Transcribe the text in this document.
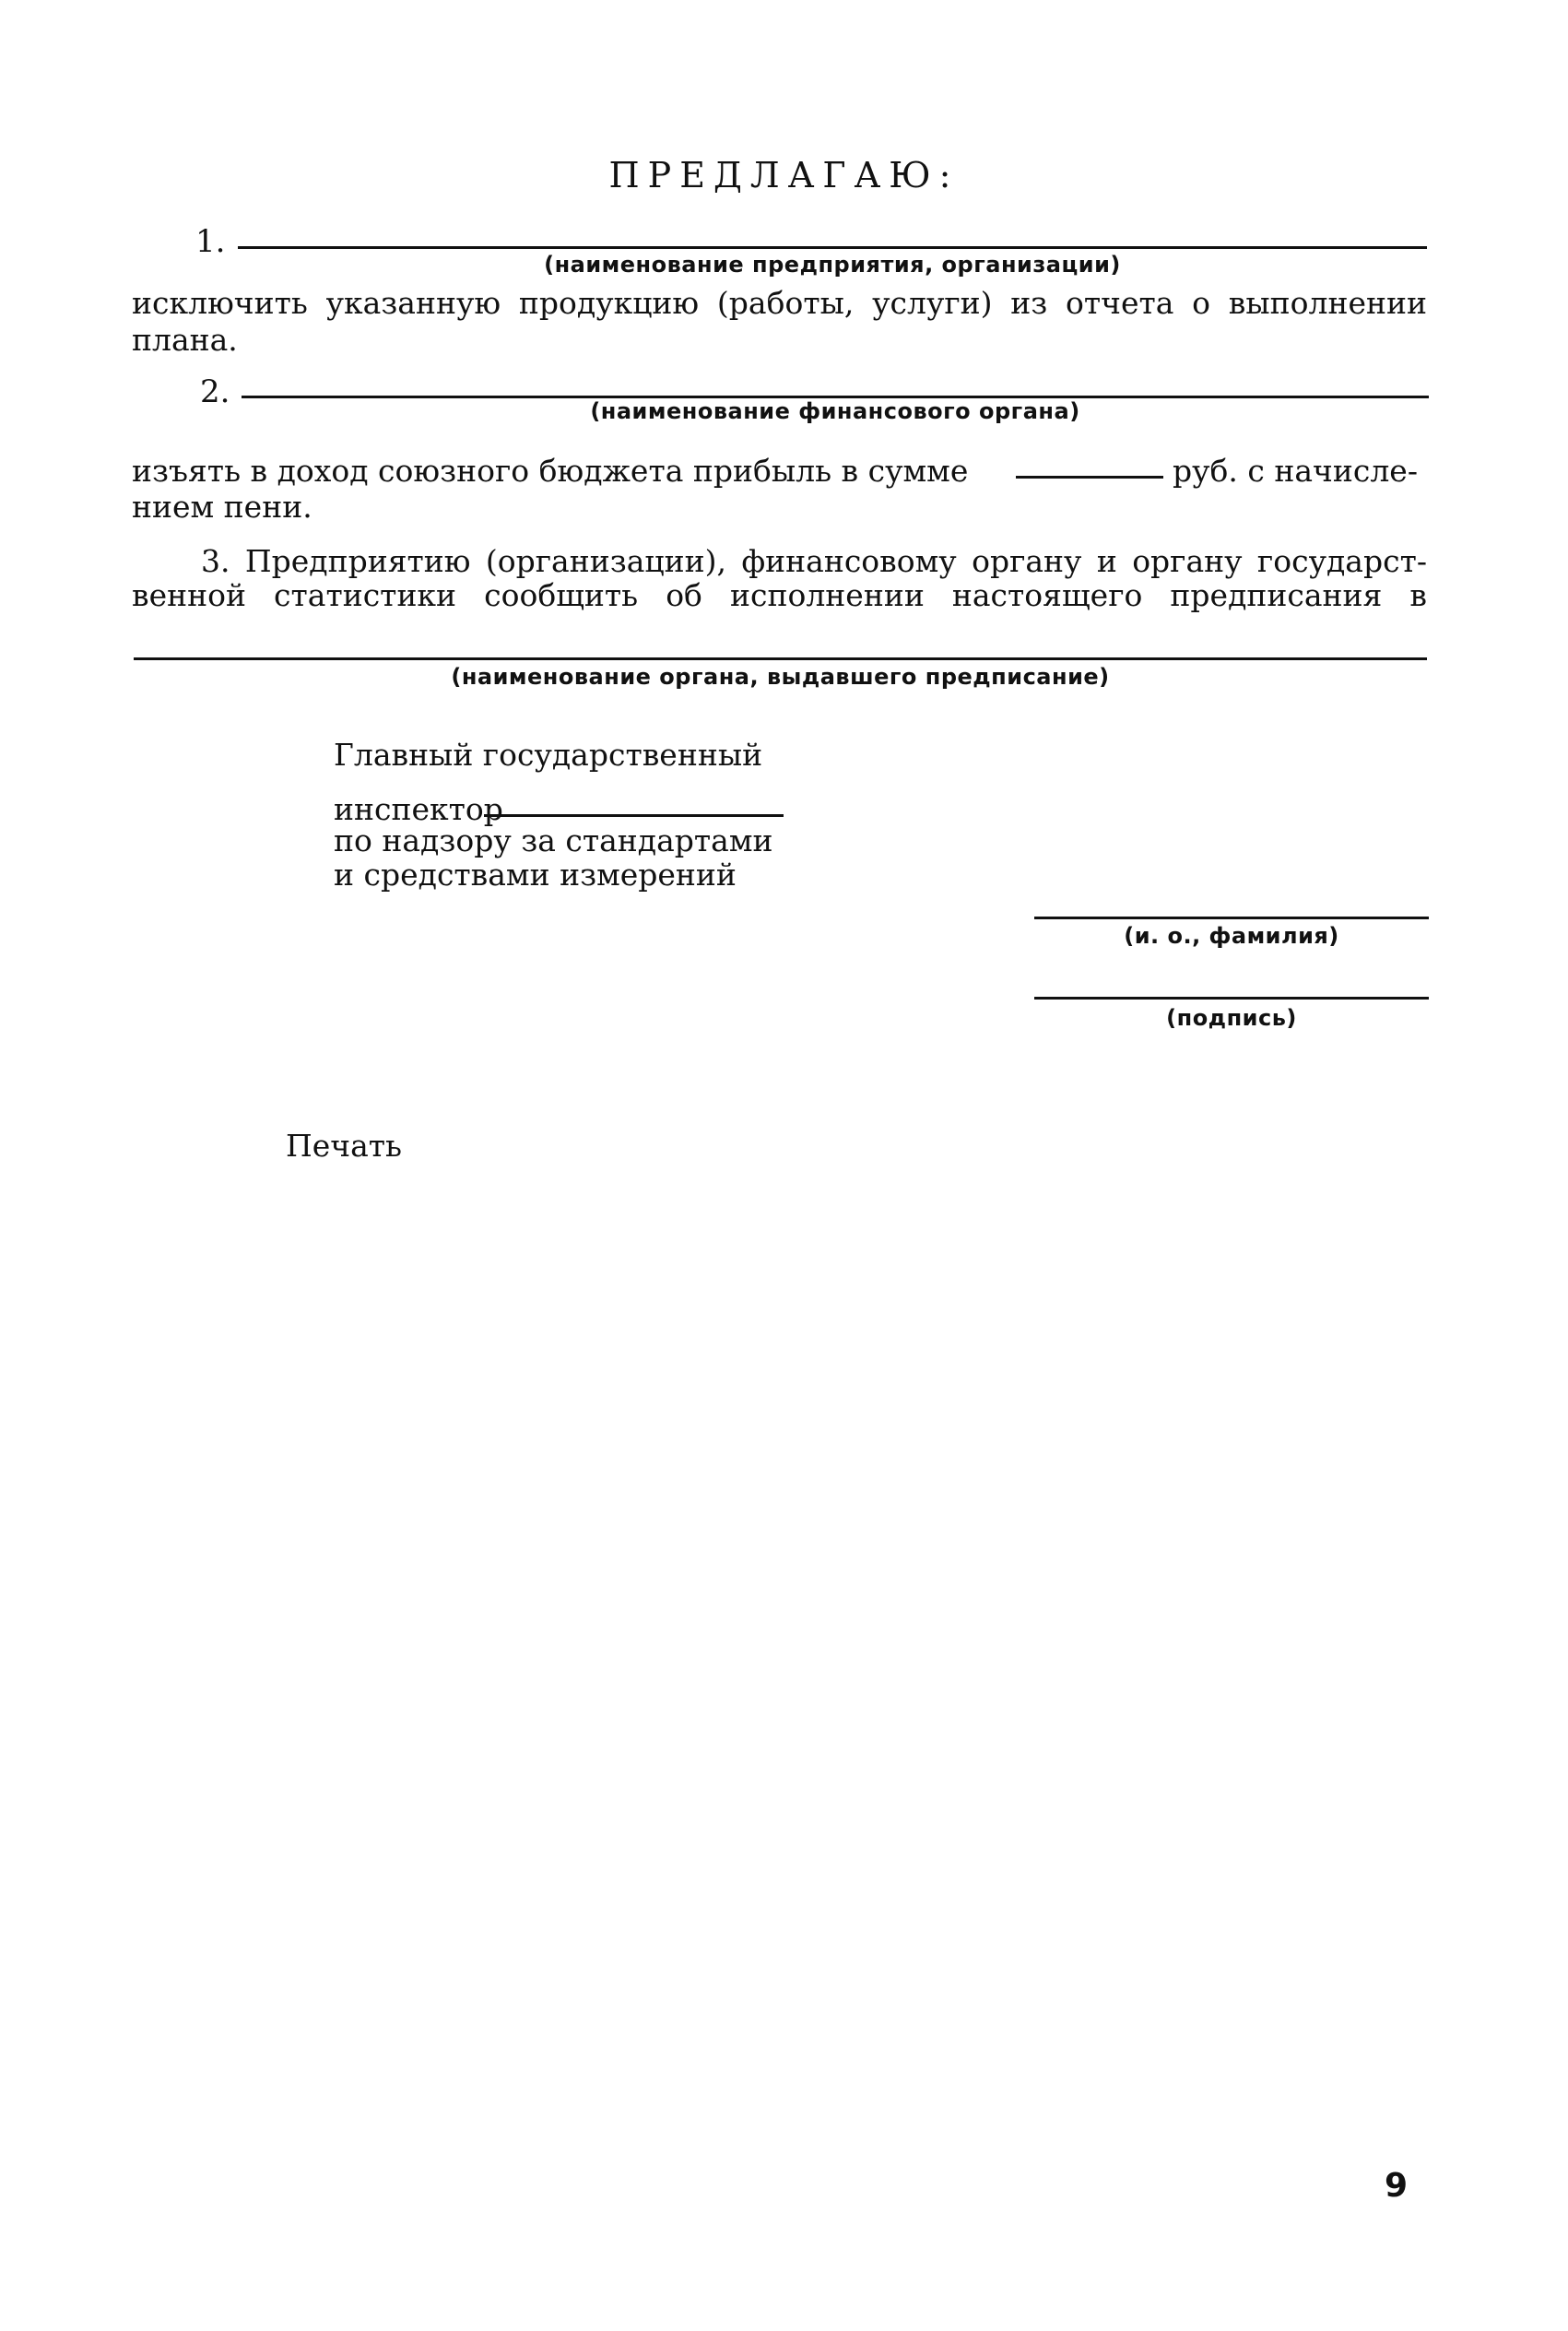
ПРЕДЛАГАЮ:
1.
(наименование предприятия, организации)
исключить указанную продукцию (работы, услуги) из отчета о выполнении
плана.
2.
(наименование финансового органа)
изъять в доход союзного бюджета прибыль в сумме	руб. с начисле-
нием пени.
3. Предприятию (организации), финансовому органу и органу государст-
венной статистики сообщить об исполнении настоящего предписания в
(наименование органа, выдавшего предписание)
Главный государственный
инспектор
по надзору за стандартами
и средствами измерений
(и. о., фамилия)
(подпись)
Печать
9
